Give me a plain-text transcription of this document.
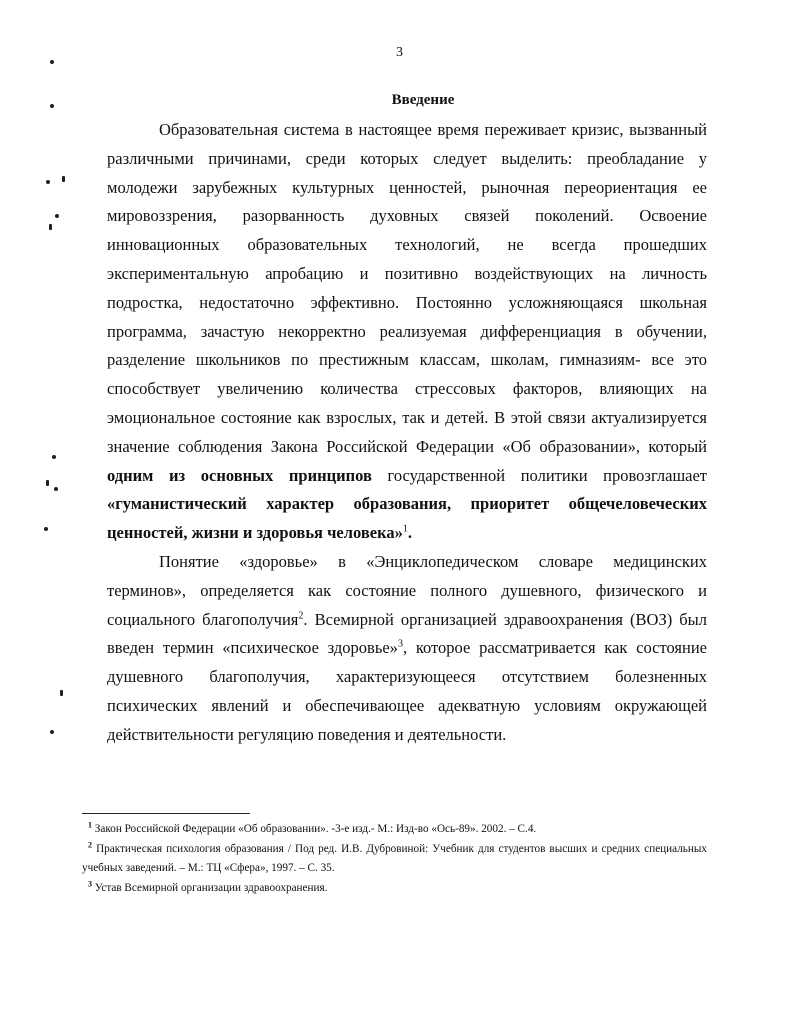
3
Введение

Образовательная система в настоящее время переживает кризис, вызванный различными причинами, среди которых следует выделить: преобладание у молодежи зарубежных культурных ценностей, рыночная переориентация ее мировоззрения, разорванность духовных связей поколений. Освоение инновационных образовательных технологий, не всегда прошедших экспериментальную апробацию и позитивно воздействующих на личность подростка, недостаточно эффективно. Постоянно усложняющаяся школьная программа, зачастую некорректно реализуемая дифференциация в обучении, разделение школьников по престижным классам, школам, гимназиям- все это способствует увеличению количества стрессовых факторов, влияющих на эмоциональное состояние как взрослых, так и детей. В этой связи актуализируется значение соблюдения Закона Российской Федерации «Об образовании», который одним из основных принципов государственной политики провозглашает «гуманистический характер образования, приоритет общечеловеческих ценностей, жизни и здоровья человека»$^1$.

Понятие «здоровье» в «Энциклопедическом словаре медицинских терминов», определяется как состояние полного душевного, физического и социального благополучия$^2$. Всемирной организацией здравоохранения (ВОЗ) был введен термин «психическое здоровье»$^3$, которое рассматривается как состояние душевного благополучия, характеризующееся отсутствием болезненных психических явлений и обеспечивающее адекватную условиям окружающей действительности регуляцию поведения и деятельности.

$^1$ Закон Российской Федерации «Об образовании». -3-е изд.- М.: Изд-во «Ось-89». 2002. – С.4.

$^2$ Практическая психология образования / Под ред. И.В. Дубровиной: Учебник для студентов высших и средних специальных учебных заведений. – М.: ТЦ «Сфера», 1997. – С. 35.

$^3$ Устав Всемирной организации здравоохранения.
